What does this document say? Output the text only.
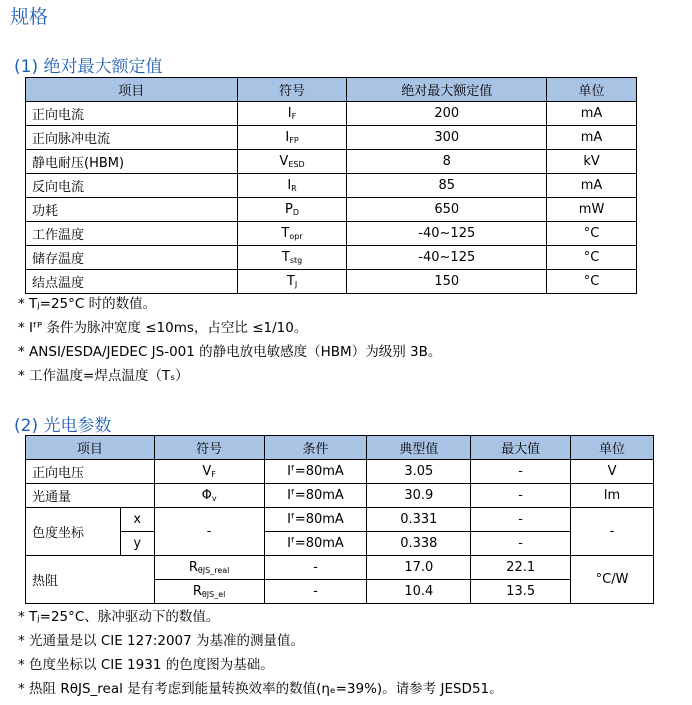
规格
(1) 绝对最大额定值
项目	符号	绝对最大额定值	单位
正向电流	$I_F$	200	mA
正向脉冲电流	$I_{FP}$	300	mA
静电耐压(HBM)	$V_{ESD}$	8	kV
反向电流	$I_R$	85	mA
功耗	$P_D$	650	mW
工作温度	$T_{opr}$	-40~125	°C
储存温度	$T_{stg}$	-40~125	°C
结点温度	$T_J$	150	°C
* Tⱼ=25°C 时的数值。
* Iᶠᴾ 条件为脉冲宽度 ≤10ms，占空比 ≤1/10。
* ANSI/ESDA/JEDEC JS-001 的静电放电敏感度（HBM）为级别 3B。
* 工作温度=焊点温度（Tₛ）
(2) 光电参数
项目		符号	条件	典型值	最大值	单位
正向电压		$V_F$	Iᶠ=80mA	3.05	-	V
光通量		$\Phi_v$	Iᶠ=80mA	30.9	-	lm
色度坐标	x	-	Iᶠ=80mA	0.331	-	-
	y		Iᶠ=80mA	0.338	-	
热阻		$R_{\theta JS\_real}$	-	17.0	22.1	°C/W
		$R_{\theta JS\_el}$	-	10.4	13.5	
* Tⱼ=25°C、脉冲驱动下的数值。
* 光通量是以 CIE 127:2007 为基准的测量值。
* 色度坐标以 CIE 1931 的色度图为基础。
* 热阻 RθJS_real 是有考虑到能量转换效率的数值(ηₑ=39%)。请参考 JESD51。
